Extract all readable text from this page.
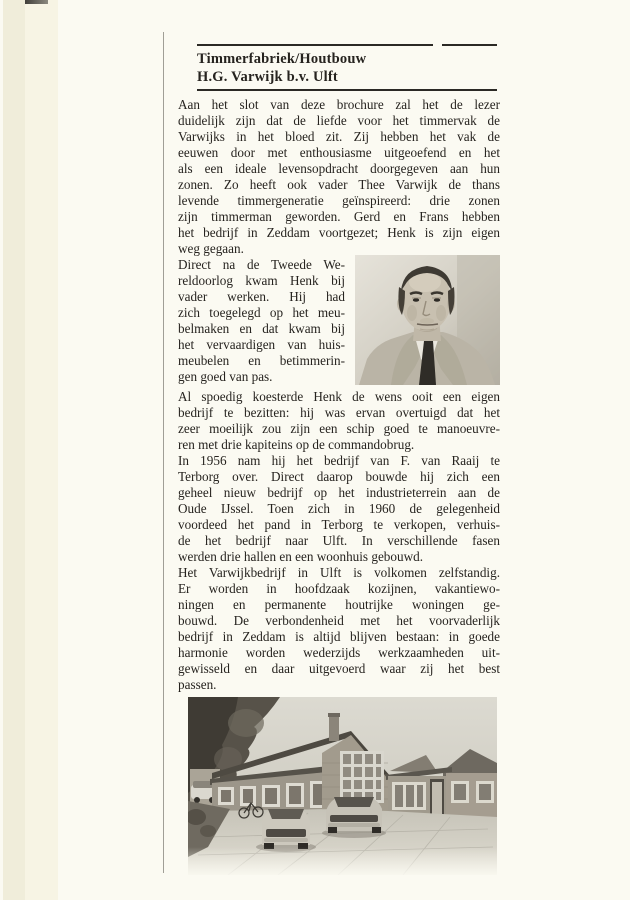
Timmerfabriek/Houtbouw
H.G. Varwijk b.v. Ulft
Aan het slot van deze brochure zal het de lezer
duidelijk zijn dat de liefde voor het timmervak de
Varwijks in het bloed zit. Zij hebben het vak de
eeuwen door met enthousiasme uitgeoefend en het
als een ideale levensopdracht doorgegeven aan hun
zonen. Zo heeft ook vader Thee Varwijk de thans
levende timmergeneratie geïnspireerd: drie zonen
zijn timmerman geworden. Gerd en Frans hebben
het bedrijf in Zeddam voortgezet; Henk is zijn eigen
weg gegaan.
Direct na de Tweede We-
reldoorlog kwam Henk bij
vader werken. Hij had
zich toegelegd op het meu-
belmaken en dat kwam bij
het vervaardigen van huis-
meubelen en betimmerin-
gen goed van pas.
Al spoedig koesterde Henk de wens ooit een eigen
bedrijf te bezitten: hij was ervan overtuigd dat het
zeer moeilijk zou zijn een schip goed te manoeuvre-
ren met drie kapiteins op de commandobrug.
In 1956 nam hij het bedrijf van F. van Raaij te
Terborg over. Direct daarop bouwde hij zich een
geheel nieuw bedrijf op het industrieterrein aan de
Oude IJssel. Toen zich in 1960 de gelegenheid
voordeed het pand in Terborg te verkopen, verhuis-
de het bedrijf naar Ulft. In verschillende fasen
werden drie hallen en een woonhuis gebouwd.
Het Varwijkbedrijf in Ulft is volkomen zelfstandig.
Er worden in hoofdzaak kozijnen, vakantiewo-
ningen en permanente houtrijke woningen ge-
bouwd. De verbondenheid met het voorvaderlijk
bedrijf in Zeddam is altijd blijven bestaan: in goede
harmonie worden wederzijds werkzaamheden uit-
gewisseld en daar uitgevoerd waar zij het best
passen.
